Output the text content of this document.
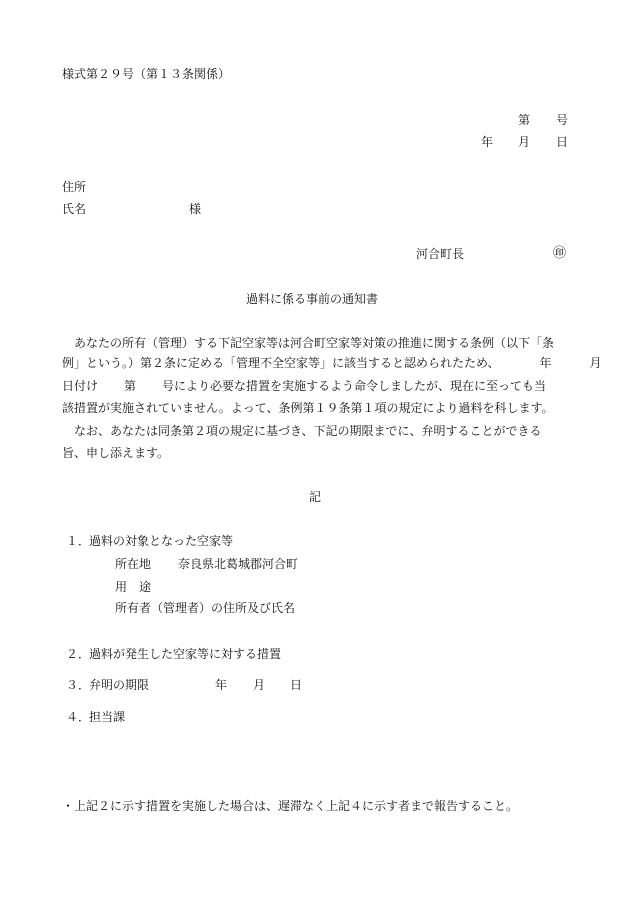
様式第２９号（第１３条関係）
第 号
年 月 日
住所
氏名	様
河合町長	㊞
過料に係る事前の通知書
あなたの所有（管理）する下記空家等は河合町空家等対策の推進に関する条例（以下「条
例」という。）第２条に定める「管理不全空家等」に該当すると認められたため、	年	月
日付け 第 号により必要な措置を実施するよう命令しましたが、現在に至っても当
該措置が実施されていません。よって、条例第１９条第１項の規定により過料を科します。
なお、あなたは同条第２項の規定に基づき、下記の期限までに、弁明することができる
旨、申し添えます。
記
１．
過料の対象となった空家等
所在地 奈良県北葛城郡河合町
用　途
所有者（管理者）の住所及び氏名
２．
過料が発生した空家等に対する措置
３．
弁明の期限	年 月 日
４．
担当課
・上記２に示す措置を実施した場合は、遅滞なく上記４に示す者まで報告すること。
